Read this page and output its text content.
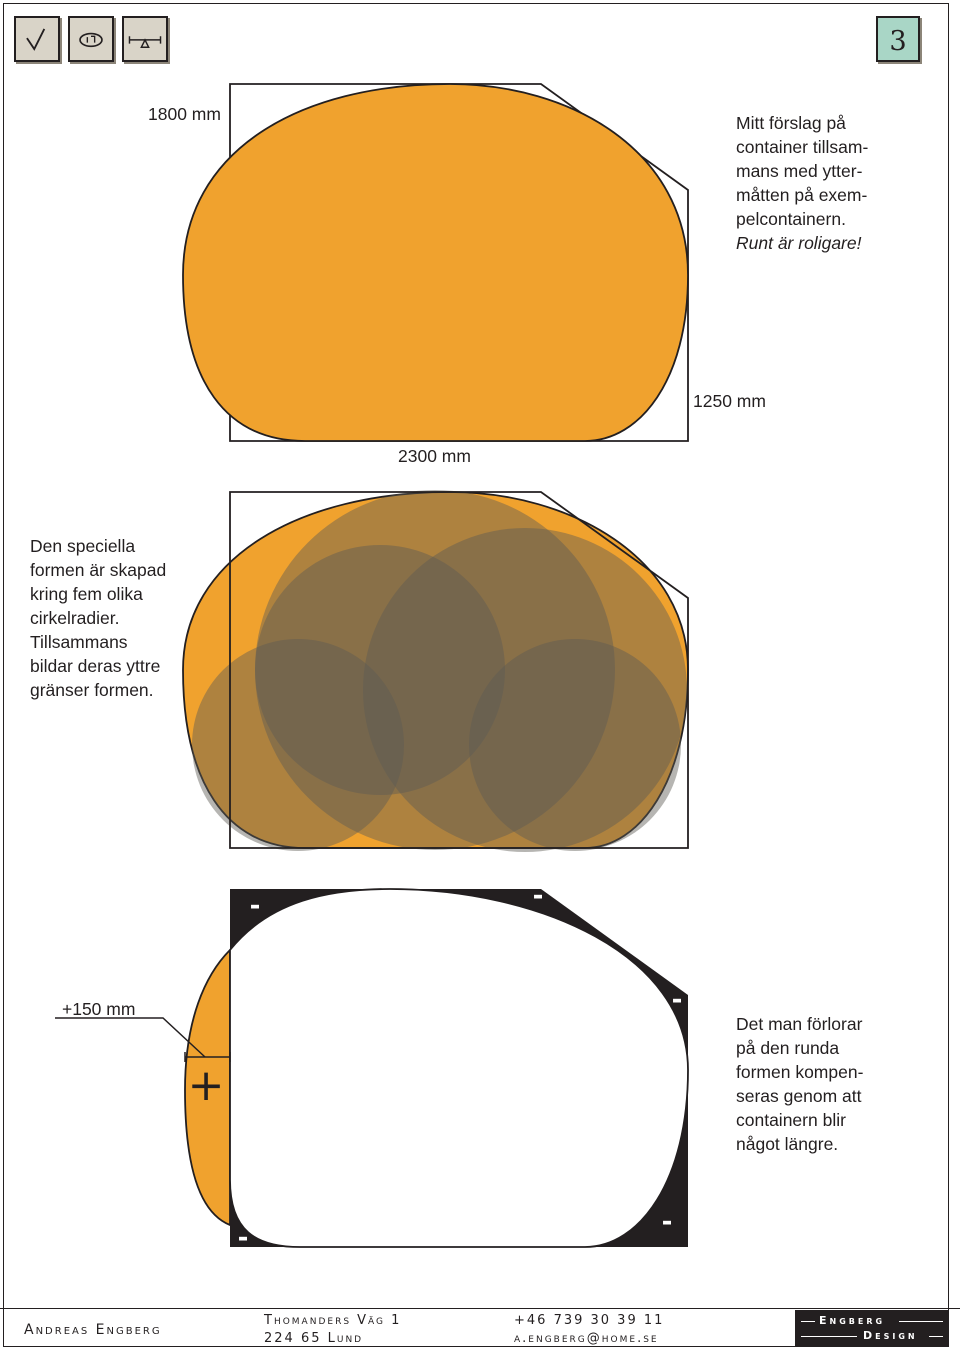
3
+
-	-
-
-
-
1800 mm
1250 mm
2300 mm
Mitt förslag på
container tillsam-
mans med ytter-
måtten på exem-
pelcontainern.
Runt är roligare!
Den speciella
formen är skapad
kring fem olika
cirkelradier.
Tillsammans
bildar deras yttre
gränser formen.
+150 mm
Det man förlorar
på den runda
formen kompen-
seras genom att
containern blir
något längre.
Andreas Engberg
Thomanders Väg 1
224 65 Lund
+46 739 30 39 11
a.engberg@home.se
Engberg
Design
